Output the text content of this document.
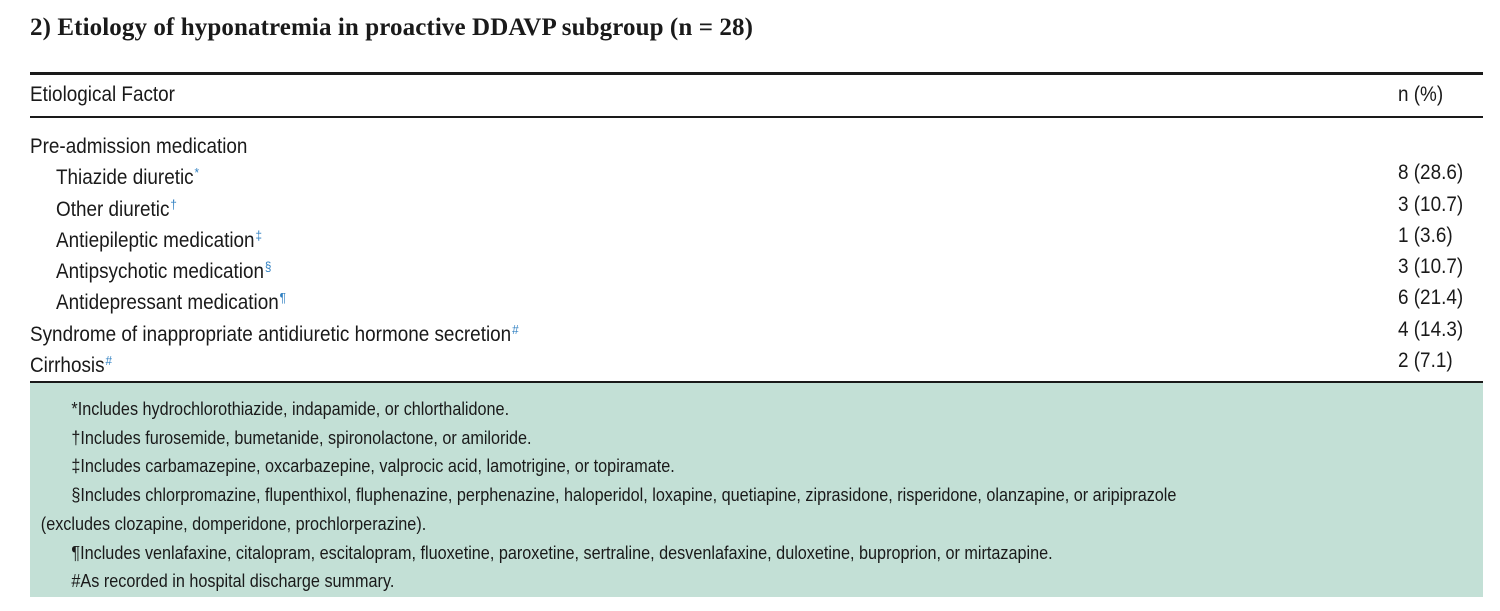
2) Etiology of hyponatremia in proactive DDAVP subgroup (n = 28)
Etiological Factor	n (%)
Pre-admission medication
Thiazide diuretic*	8 (28.6)
Other diuretic†	3 (10.7)
Antiepileptic medication‡	1 (3.6)
Antipsychotic medication§	3 (10.7)
Antidepressant medication¶	6 (21.4)
Syndrome of inappropriate antidiuretic hormone secretion#	4 (14.3)
Cirrhosis#	2 (7.1)
*Includes hydrochlorothiazide, indapamide, or chlorthalidone.
†Includes furosemide, bumetanide, spironolactone, or amiloride.
‡Includes carbamazepine, oxcarbazepine, valprocic acid, lamotrigine, or topiramate.
§Includes chlorpromazine, flupenthixol, fluphenazine, perphenazine, haloperidol, loxapine, quetiapine, ziprasidone, risperidone, olanzapine, or aripiprazole
(excludes clozapine, domperidone, prochlorperazine).
¶Includes venlafaxine, citalopram, escitalopram, fluoxetine, paroxetine, sertraline, desvenlafaxine, duloxetine, buproprion, or mirtazapine.
#As recorded in hospital discharge summary.
